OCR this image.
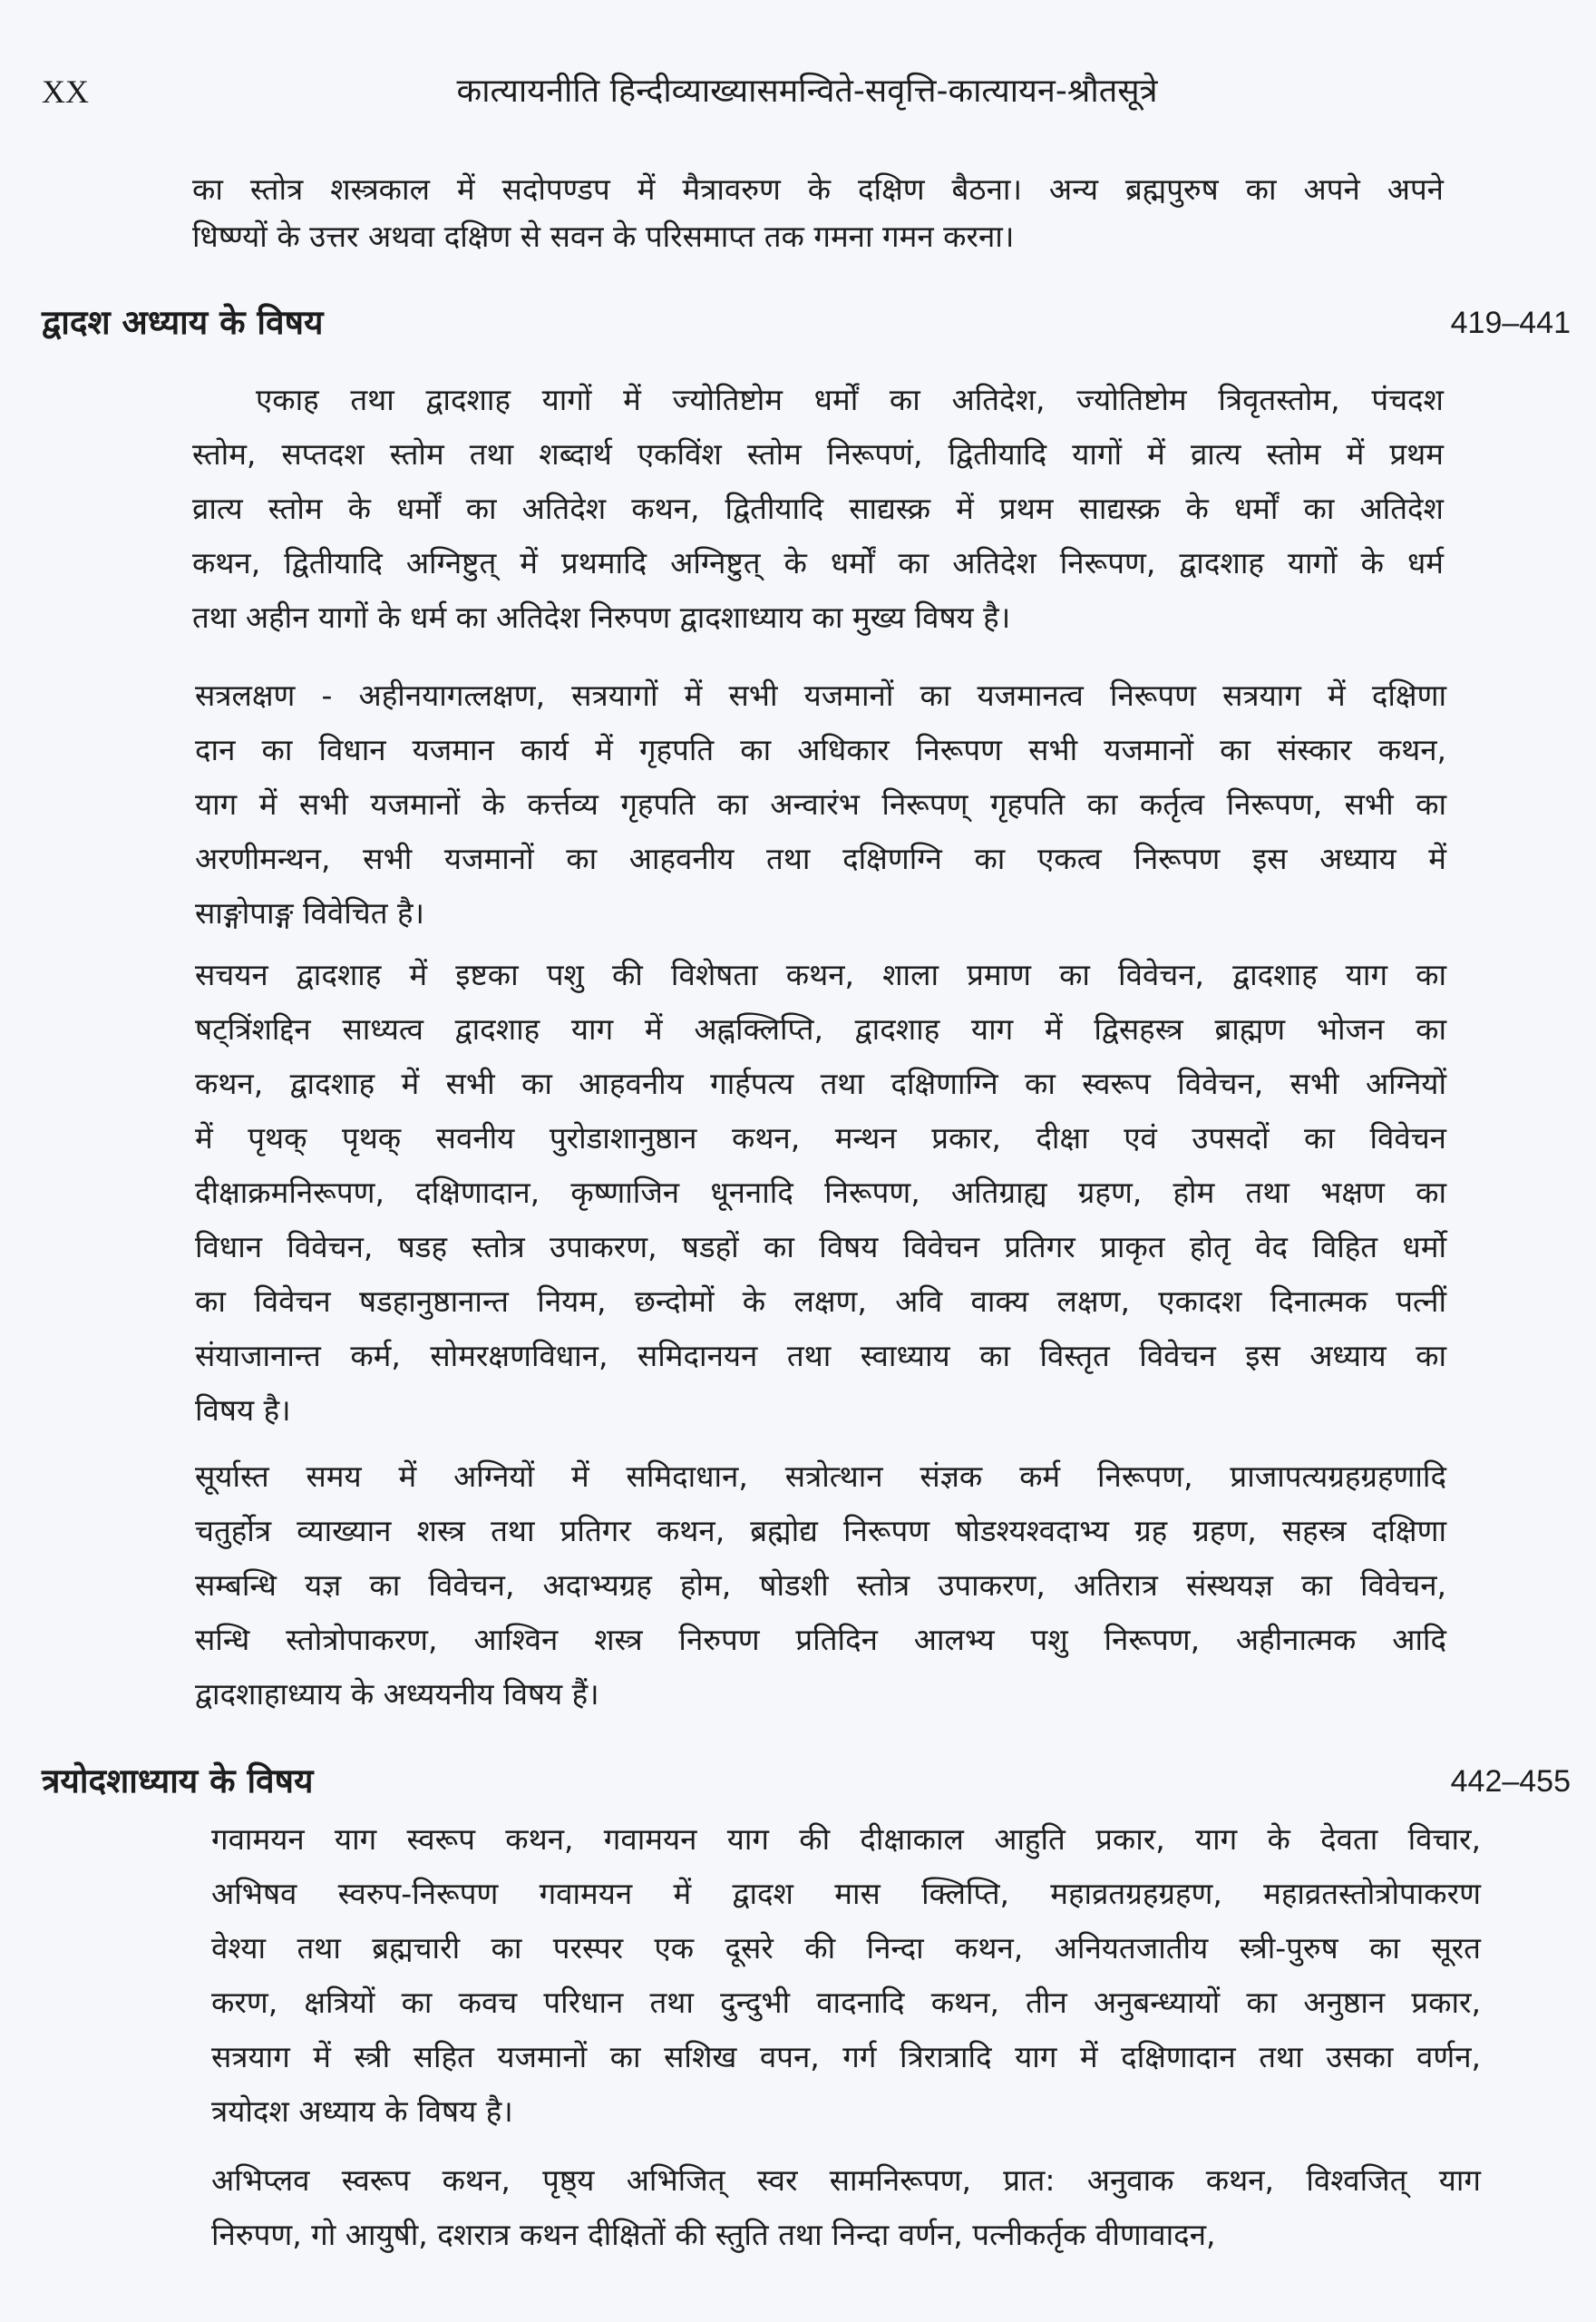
XX	कात्यायनीति हिन्दीव्याख्यासमन्विते-सवृत्ति-कात्यायन-श्रौतसूत्रे
का स्तोत्र शस्त्रकाल में सदोपण्डप में मैत्रावरुण के दक्षिण बैठना। अन्य ब्रह्मपुरुष का अपने अपने
धिष्ण्यों के उत्तर अथवा दक्षिण से सवन के परिसमाप्त तक गमना गमन करना।
द्वादश अध्याय के विषय	419–441
एकाह तथा द्वादशाह यागों में ज्योतिष्टोम धर्मों का अतिदेश, ज्योतिष्टोम त्रिवृतस्तोम, पंचदश
स्तोम, सप्तदश स्तोम तथा शब्दार्थ एकविंश स्तोम निरूपणं, द्वितीयादि यागों में व्रात्य स्तोम में प्रथम
व्रात्य स्तोम के धर्मों का अतिदेश कथन, द्वितीयादि साद्यस्क्र में प्रथम साद्यस्क्र के धर्मों का अतिदेश
कथन, द्वितीयादि अग्निष्टुत् में प्रथमादि अग्निष्टुत् के धर्मों का अतिदेश निरूपण, द्वादशाह यागों के धर्म
तथा अहीन यागों के धर्म का अतिदेश निरुपण द्वादशाध्याय का मुख्य विषय है।
सत्रलक्षण - अहीनयागत्लक्षण, सत्रयागों में सभी यजमानों का यजमानत्व निरूपण सत्रयाग में दक्षिणा
दान का विधान यजमान कार्य में गृहपति का अधिकार निरूपण सभी यजमानों का संस्कार कथन,
याग में सभी यजमानों के कर्त्तव्य गृहपति का अन्वारंभ निरूपण् गृहपति का कर्तृत्व निरूपण, सभी का
अरणीमन्थन, सभी यजमानों का आहवनीय तथा दक्षिणग्नि का एकत्व निरूपण इस अध्याय में
साङ्गोपाङ्ग विवेचित है।
सचयन द्वादशाह में इष्टका पशु की विशेषता कथन, शाला प्रमाण का विवेचन, द्वादशाह याग का
षट्त्रिंशद्दिन साध्यत्व द्वादशाह याग में अह्नक्लिप्ति, द्वादशाह याग में द्विसहस्त्र ब्राह्मण भोजन का
कथन, द्वादशाह में सभी का आहवनीय गार्हपत्य तथा दक्षिणाग्नि का स्वरूप विवेचन, सभी अग्नियों
में पृथक् पृथक् सवनीय पुरोडाशानुष्ठान कथन, मन्थन प्रकार, दीक्षा एवं उपसदों का विवेचन
दीक्षाक्रमनिरूपण, दक्षिणादान, कृष्णाजिन धूननादि निरूपण, अतिग्राह्य ग्रहण, होम तथा भक्षण का
विधान विवेचन, षडह स्तोत्र उपाकरण, षडहों का विषय विवेचन प्रतिगर प्राकृत होतृ वेद विहित धर्मो
का विवेचन षडहानुष्ठानान्त नियम, छन्दोमों के लक्षण, अवि वाक्य लक्षण, एकादश दिनात्मक पत्नीं
संयाजानान्त कर्म, सोमरक्षणविधान, समिदानयन तथा स्वाध्याय का विस्तृत विवेचन इस अध्याय का
विषय है।
सूर्यास्त समय में अग्नियों में समिदाधान, सत्रोत्थान संज्ञक कर्म निरूपण, प्राजापत्यग्रहग्रहणादि
चतुर्होत्र व्याख्यान शस्त्र तथा प्रतिगर कथन, ब्रह्मोद्य निरूपण षोडश्यश्वदाभ्य ग्रह ग्रहण, सहस्त्र दक्षिणा
सम्बन्धि यज्ञ का विवेचन, अदाभ्यग्रह होम, षोडशी स्तोत्र उपाकरण, अतिरात्र संस्थयज्ञ का विवेचन,
सन्धि स्तोत्रोपाकरण, आश्विन शस्त्र निरुपण प्रतिदिन आलभ्य पशु निरूपण, अहीनात्मक आदि
द्वादशाहाध्याय के अध्ययनीय विषय हैं।
त्रयोदशाध्याय के विषय	442–455
गवामयन याग स्वरूप कथन, गवामयन याग की दीक्षाकाल आहुति प्रकार, याग के देवता विचार,
अभिषव स्वरुप-निरूपण गवामयन में द्वादश मास क्लिप्ति, महाव्रतग्रहग्रहण, महाव्रतस्तोत्रोपाकरण
वेश्या तथा ब्रह्मचारी का परस्पर एक दूसरे की निन्दा कथन, अनियतजातीय स्त्री-पुरुष का सूरत
करण, क्षत्रियों का कवच परिधान तथा दुन्दुभी वादनादि कथन, तीन अनुबन्ध्यायों का अनुष्ठान प्रकार,
सत्रयाग में स्त्री सहित यजमानों का सशिख वपन, गर्ग त्रिरात्रादि याग में दक्षिणादान तथा उसका वर्णन,
त्रयोदश अध्याय के विषय है।
अभिप्लव स्वरूप कथन, पृष्ठ्य अभिजित् स्वर सामनिरूपण, प्रात: अनुवाक कथन, विश्वजित् याग
निरुपण, गो आयुषी, दशरात्र कथन दीक्षितों की स्तुति तथा निन्दा वर्णन, पत्नीकर्तृक वीणावादन,
